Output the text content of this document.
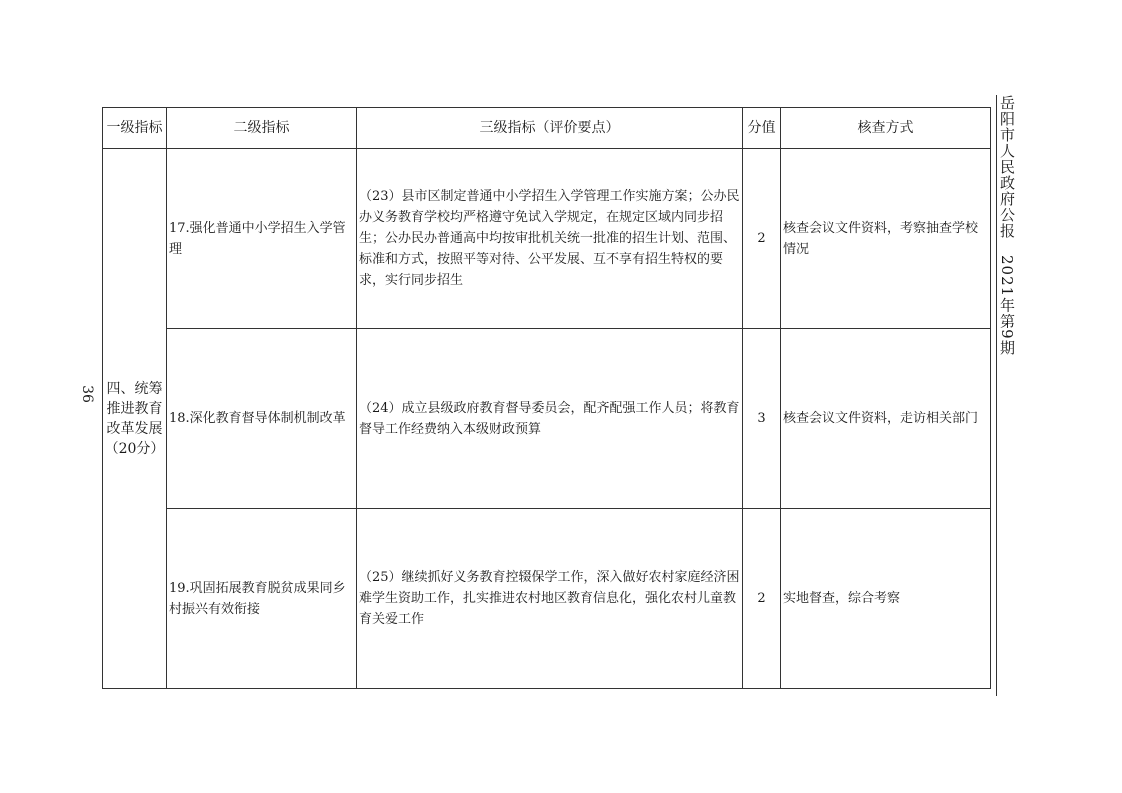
36
一级指标	二级指标	三级指标（评价要点）	分值	核查方式
四、统筹推进教育改革发展（20分）	17.强化普通中小学招生入学管理	（23）县市区制定普通中小学招生入学管理工作实施方案；公办民办义务教育学校均严格遵守免试入学规定，在规定区域内同步招生；公办民办普通高中均按审批机关统一批准的招生计划、范围、标准和方式，按照平等对待、公平发展、互不享有招生特权的要求，实行同步招生	2	核查会议文件资料，考察抽查学校情况
	18.深化教育督导体制机制改革	（24）成立县级政府教育督导委员会，配齐配强工作人员；将教育督导工作经费纳入本级财政预算	3	核查会议文件资料，走访相关部门
	19.巩固拓展教育脱贫成果同乡村振兴有效衔接	（25）继续抓好义务教育控辍保学工作，深入做好农村家庭经济困难学生资助工作，扎实推进农村地区教育信息化，强化农村儿童教育关爱工作	2	实地督查，综合考察
岳阳市人民政府公报　2021年第9期
